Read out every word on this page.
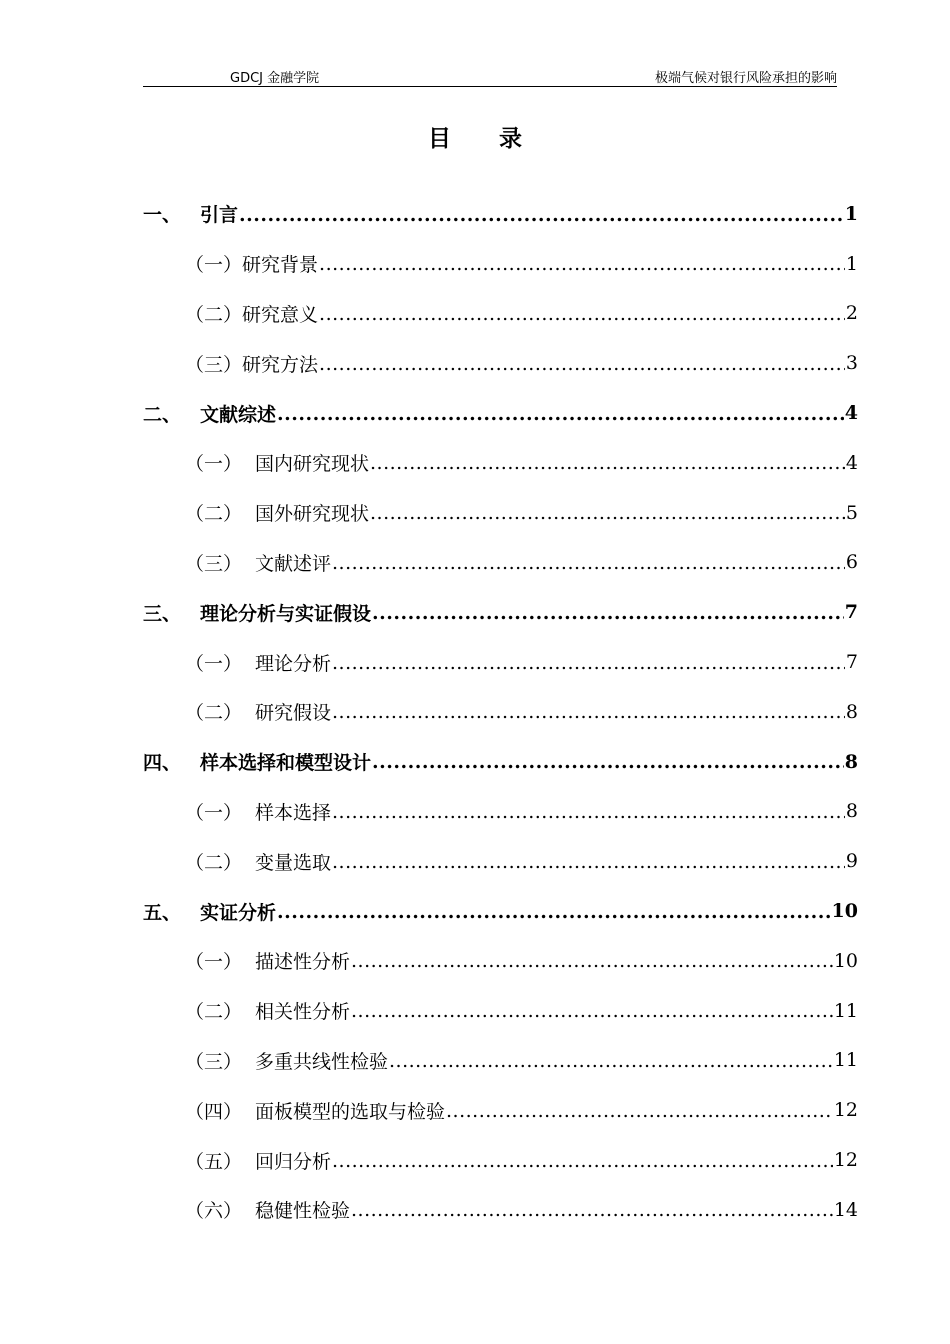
GDCJ 金融学院	极端气候对银行风险承担的影响
目录
一、 引言 .....	1
（一） 研究背景 .....	1
（二） 研究意义 .....	2
（三） 研究方法 .....	3
二、 文献综述 .....	4
（一） 国内研究现状 .....	4
（二） 国外研究现状 .....	5
（三） 文献述评 .....	6
三、 理论分析与实证假设 .....	7
（一） 理论分析 .....	7
（二） 研究假设 .....	8
四、 样本选择和模型设计 .....	8
（一） 样本选择 .....	8
（二） 变量选取 .....	9
五、 实证分析 .....	10
（一） 描述性分析 .....	10
（二） 相关性分析 .....	11
（三） 多重共线性检验 .....	11
（四） 面板模型的选取与检验 .....	12
（五） 回归分析 .....	12
（六） 稳健性检验 .....	14
